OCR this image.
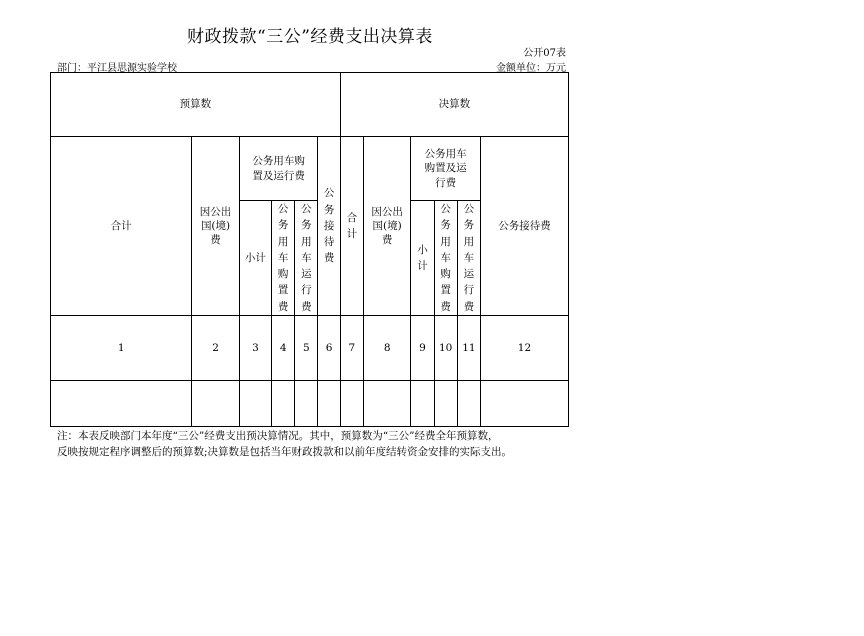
财政拨款“三公”经费支出决算表
公开07表
部门：平江县思源实验学校	金额单位：万元
预算数						决算数					
合计	因公出国(境)费	公务用车购置及运行费			公务接待费	合计	因公出国(境)费	公务用车购置及运行费			公务接待费
		小计	公务用车购置费	公务用车运行费				小计	公务用车购置费	公务用车运行费	
1	2	3	4	5	6	7	8	9	10	11	12

注：本表反映部门本年度“三公”经费支出预决算情况。其中，预算数为“三公”经费全年预算数，
反映按规定程序调整后的预算数;决算数是包括当年财政拨款和以前年度结转资金安排的实际支出。
